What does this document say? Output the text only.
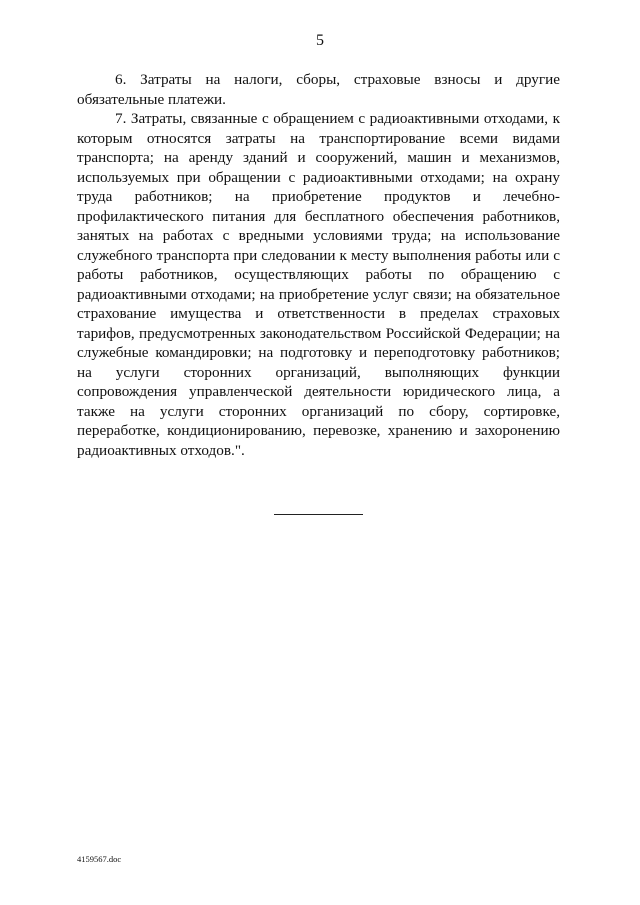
5

6. Затраты на налоги, сборы, страховые взносы и другие обязательные платежи.

7. Затраты, связанные с обращением с радиоактивными отходами, к которым относятся затраты на транспортирование всеми видами транспорта; на аренду зданий и сооружений, машин и механизмов, используемых при обращении с радиоактивными отходами; на охрану труда работников; на приобретение продуктов и лечебно-профилактического питания для бесплатного обеспечения работников, занятых на работах с вредными условиями труда; на использование служебного транспорта при следовании к месту выполнения работы или с работы работников, осуществляющих работы по обращению с радиоактивными отходами; на приобретение услуг связи; на обязательное страхование имущества и ответственности в пределах страховых тарифов, предусмотренных законодательством Российской Федерации; на служебные командировки; на подготовку и переподготовку работников; на услуги сторонних организаций, выполняющих функции сопровождения управленческой деятельности юридического лица, а также на услуги сторонних организаций по сбору, сортировке, переработке, кондиционированию, перевозке, хранению и захоронению радиоактивных отходов.".

4159567.doc
